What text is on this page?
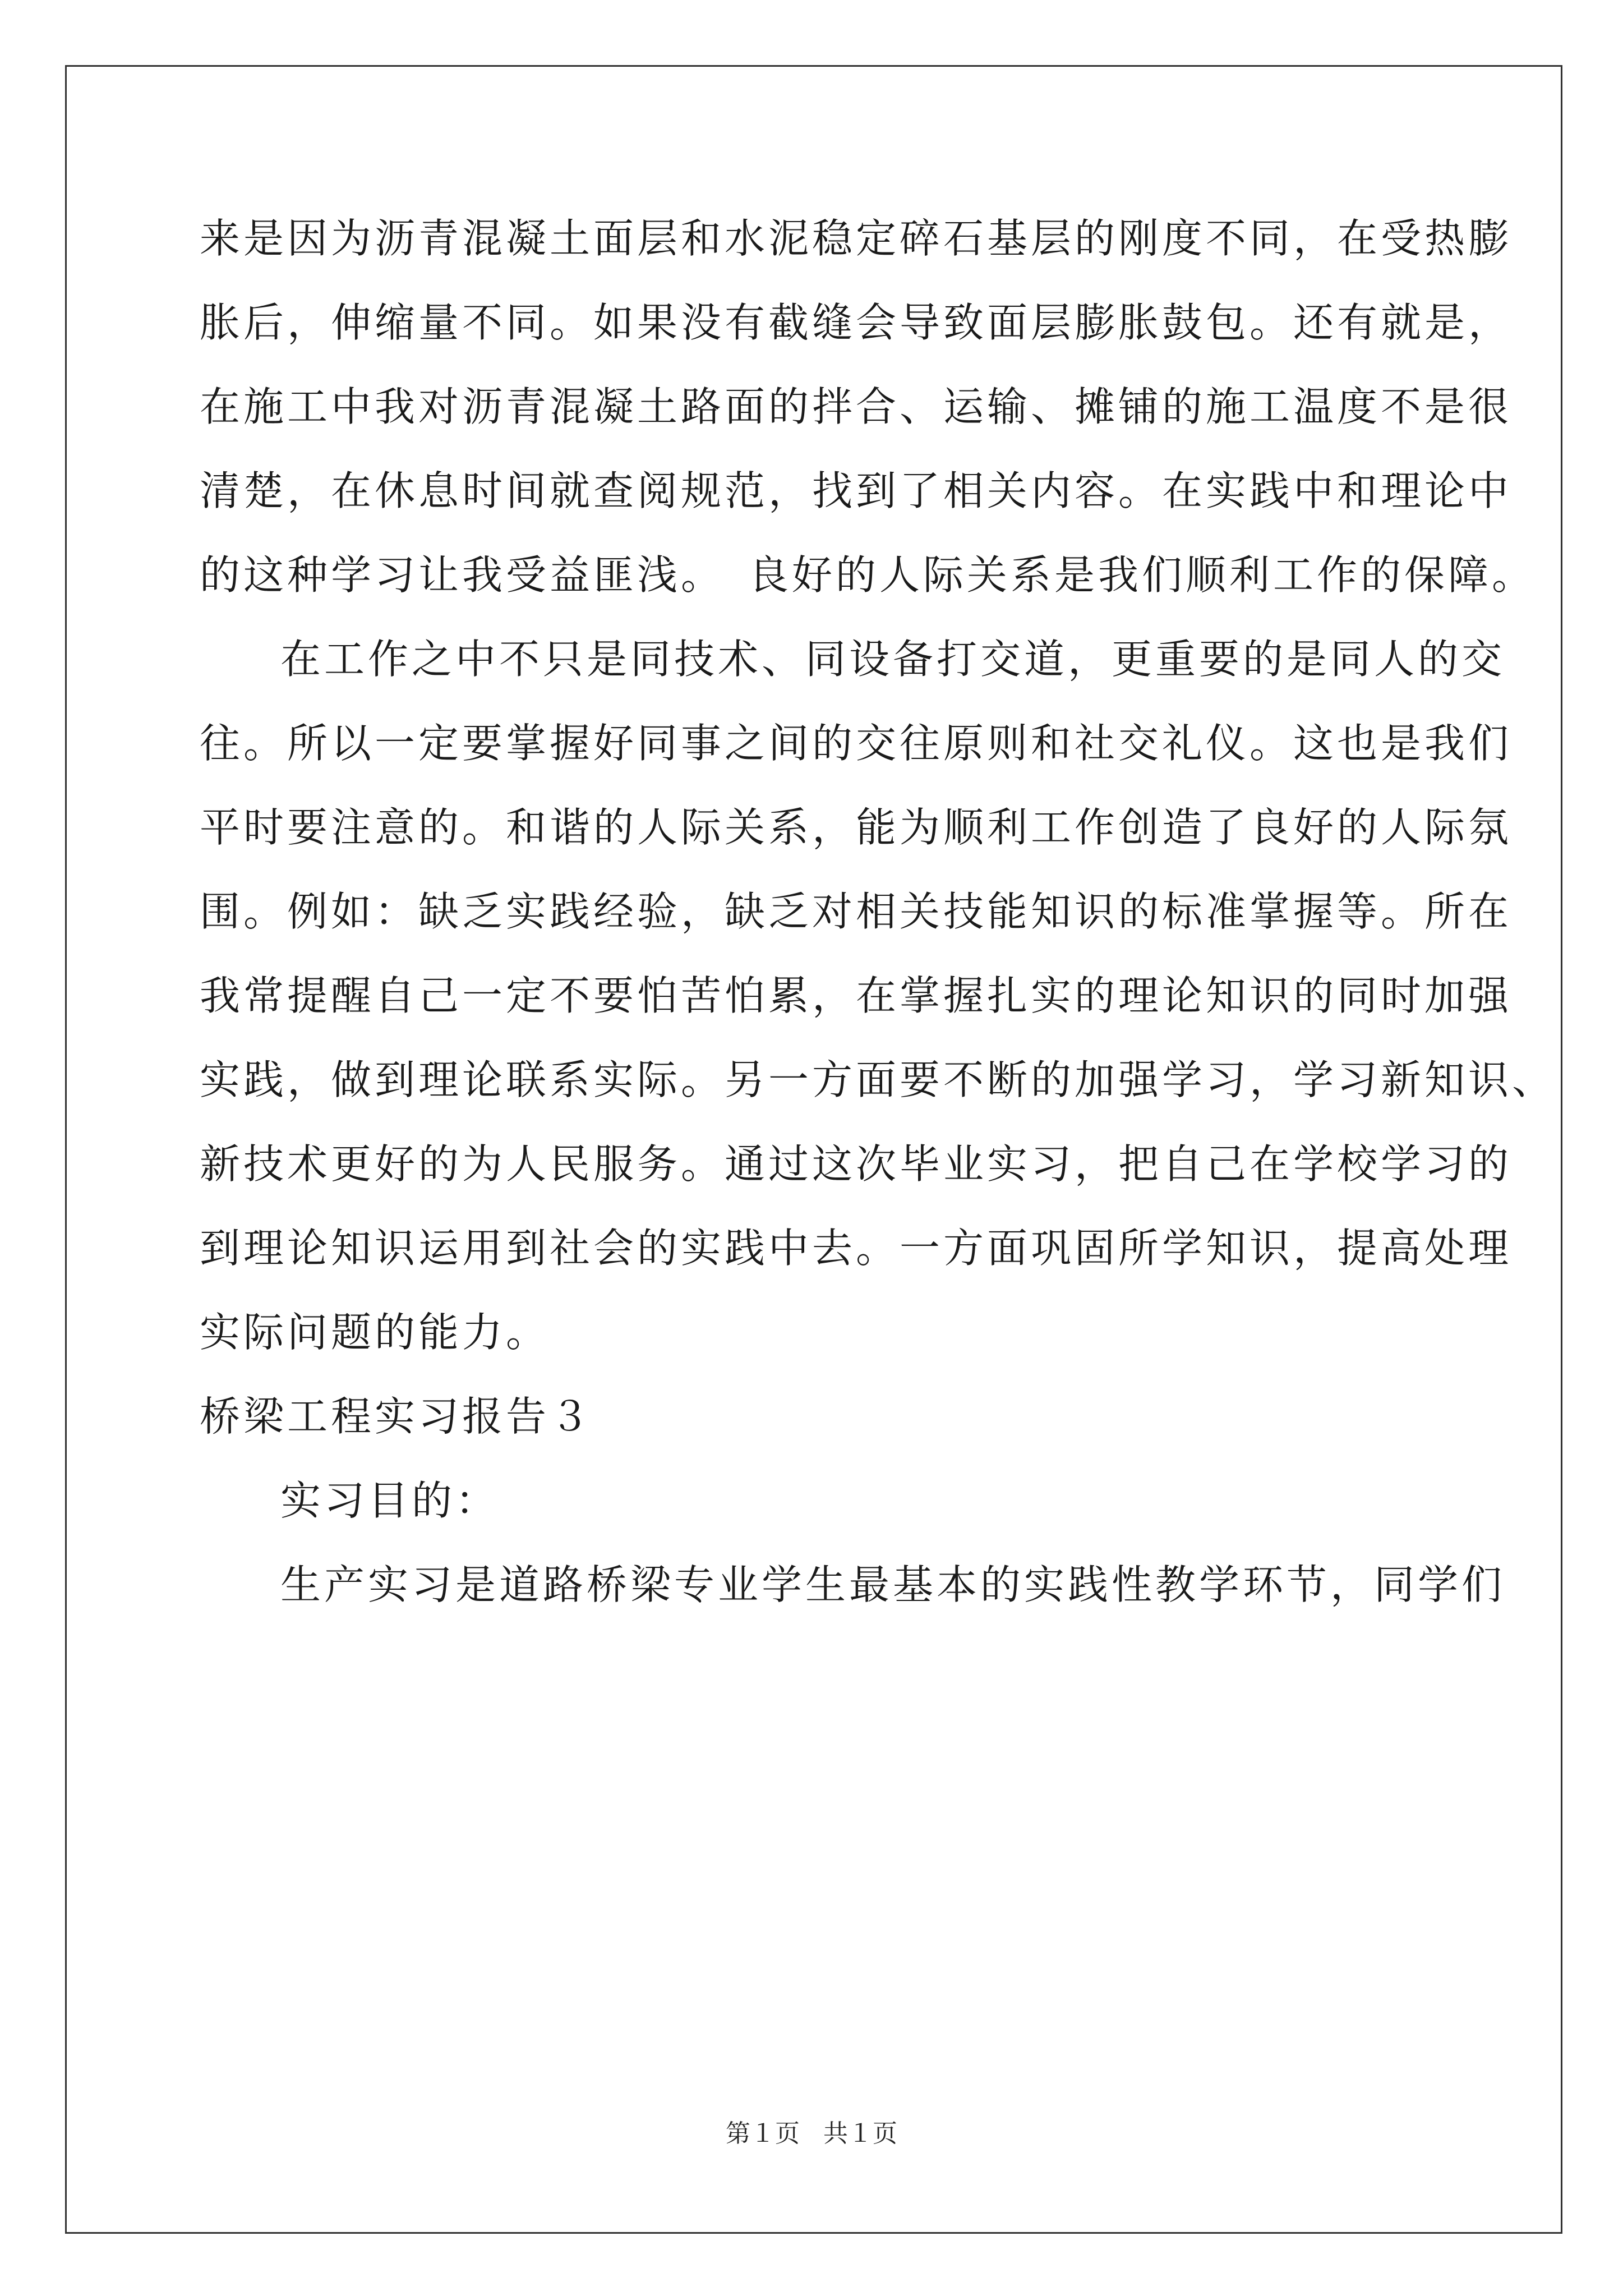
来是因为沥青混凝土面层和水泥稳定碎石基层的刚度不同，在受热膨
胀后，伸缩量不同。如果没有截缝会导致面层膨胀鼓包。还有就是，
在施工中我对沥青混凝土路面的拌合、运输、摊铺的施工温度不是很
清楚，在休息时间就查阅规范，找到了相关内容。在实践中和理论中
的这种学习让我受益匪浅。　良好的人际关系是我们顺利工作的保障。
在工作之中不只是同技术、同设备打交道，更重要的是同人的交
往。所以一定要掌握好同事之间的交往原则和社交礼仪。这也是我们
平时要注意的。和谐的人际关系，能为顺利工作创造了良好的人际氛
围。例如：缺乏实践经验，缺乏对相关技能知识的标准掌握等。所在
我常提醒自己一定不要怕苦怕累，在掌握扎实的理论知识的同时加强
实践，做到理论联系实际。另一方面要不断的加强学习，学习新知识、
新技术更好的为人民服务。通过这次毕业实习，把自己在学校学习的
到理论知识运用到社会的实践中去。一方面巩固所学知识，提高处理
实际问题的能力。
桥梁工程实习报告３
实习目的：
生产实习是道路桥梁专业学生最基本的实践性教学环节，同学们
第１页 共１页
